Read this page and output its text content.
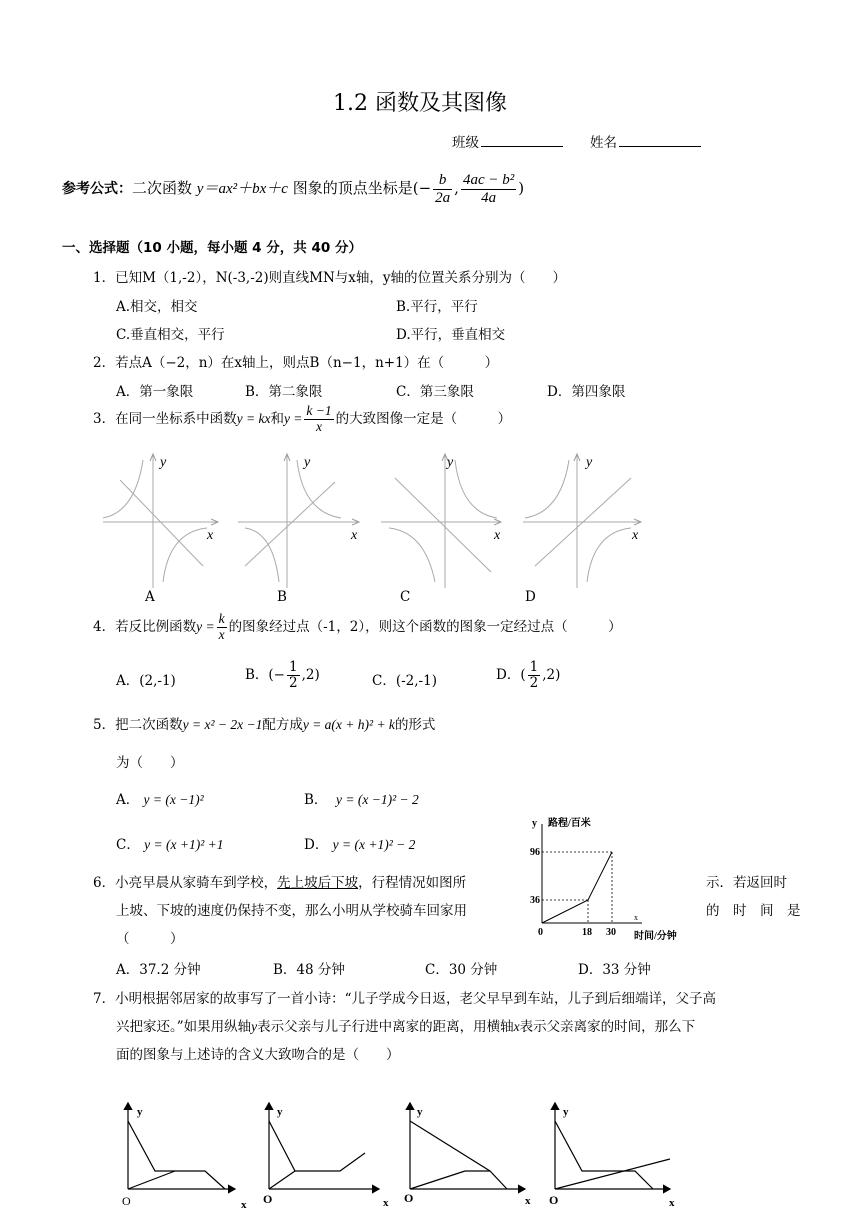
1.2 函数及其图像
班级	姓名
参考公式：二次函数 y＝ax²＋bx＋c 图象的顶点坐标是(− $\frac{b}{2a}$ , $\frac{\text{4ac − b²}}{4a}$ )
一、选择题（10 小题，每小题 4 分，共 40 分）
1．已知M（1,-2），N(-3,-2)则直线MN与x轴，y轴的位置关系分别为（　　）
A.相交，相交	B.平行，平行
C.垂直相交，平行	D.平行，垂直相交
2．若点A（−2，n）在x轴上，则点B（n−1，n+1）在（　　　）
A．第一象限	B．第二象限	C．第三象限	D．第四象限
3．在同一坐标系中函数y = kx和$y = \frac{k -1}{x}$ 的大致图像一定是（　　　）
y
x
y
x
y
x
y
x
A	B	C	D
4．若反比例函数$y = \frac{k}{x}$ 的图象经过点（-1，2），则这个函数的图象一定经过点（　　　）
A．(2,-1)	B．(− $\frac{1}{2} ,2$)	C．(-2,-1)	D．( $\frac{1}{2} ,2$)
5．把二次函数y = x² − 2x −1配方成y = a(x + h)² + k的形式
为（　　）
A． y = (x −1)²	B． y = (x −1)² − 2
C． y = (x +1)² +1	D． y = (x +1)² − 2
y 路程/百米
x
96
36
0	18 30 时间/分钟
6．小亮早晨从家骑车到学校，先上坡后下坡，行程情况如图所	示．若返回时
上坡、下坡的速度仍保持不变，那么小明从学校骑车回家用	的　时　间　是
（　　　）
A．37.2 分钟	B．48 分钟	C．30 分钟	D．33 分钟
7．小明根据邻居家的故事写了一首小诗：“儿子学成今日返，老父早早到车站，儿子到后细端详，父子高
兴把家还。”如果用纵轴y表示父亲与儿子行进中离家的距离，用横轴x表示父亲离家的时间，那么下
面的图象与上述诗的含义大致吻合的是（　　）
y
x
y
x
y
x
y
x
O	O	O	O
